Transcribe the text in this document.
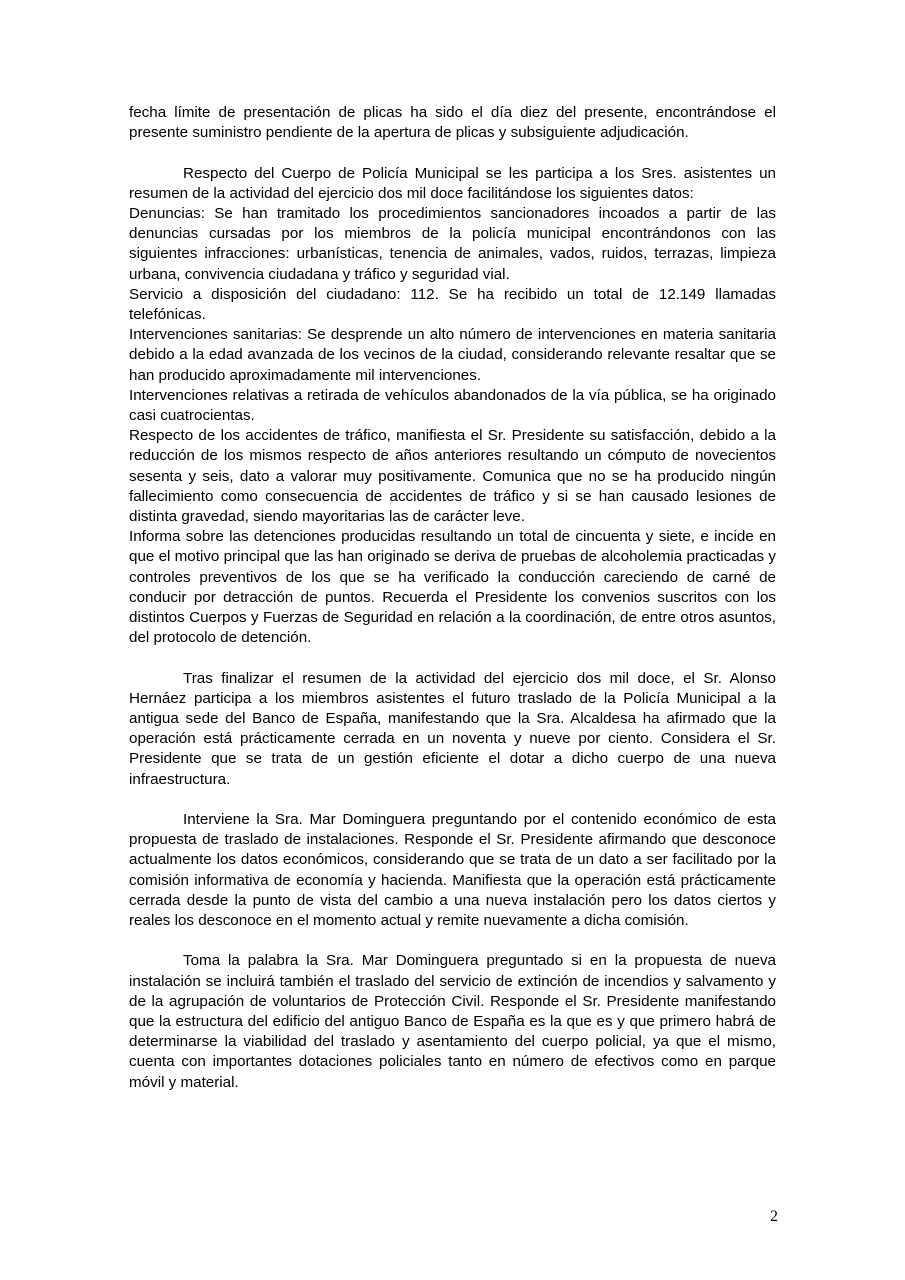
fecha límite de presentación de plicas ha sido el día diez del presente, encontrándose el presente suministro pendiente de la apertura de plicas y subsiguiente adjudicación.

Respecto del Cuerpo de Policía Municipal se les participa a los Sres. asistentes un resumen de la actividad del ejercicio dos mil doce facilitándose los siguientes datos:

Denuncias: Se han tramitado los procedimientos sancionadores incoados a partir de las denuncias cursadas por los miembros de la policía municipal encontrándonos con las siguientes infracciones: urbanísticas, tenencia de animales, vados, ruidos, terrazas, limpieza urbana, convivencia ciudadana y tráfico y seguridad vial.

Servicio a disposición del ciudadano: 112. Se ha recibido un total de 12.149 llamadas telefónicas.

Intervenciones sanitarias: Se desprende un alto número de intervenciones en materia sanitaria debido a la edad avanzada de los vecinos de la ciudad, considerando relevante resaltar que se han producido aproximadamente mil intervenciones.

Intervenciones relativas a retirada de vehículos abandonados de la vía pública, se ha originado casi cuatrocientas.

Respecto de los accidentes de tráfico, manifiesta el Sr. Presidente su satisfacción, debido a la reducción de los mismos respecto de años anteriores resultando un cómputo de novecientos sesenta y seis, dato a valorar muy positivamente. Comunica que no se ha producido ningún fallecimiento como consecuencia de accidentes de tráfico y si se han causado lesiones de distinta gravedad, siendo mayoritarias las de carácter leve.

Informa sobre las detenciones producidas resultando un total de cincuenta y siete, e incide en que el motivo principal que las han originado se deriva de pruebas de alcoholemia practicadas y controles preventivos de los que se ha verificado la conducción careciendo de carné de conducir por detracción de puntos. Recuerda el Presidente los convenios suscritos con los distintos Cuerpos y Fuerzas de Seguridad en relación a la coordinación, de entre otros asuntos, del protocolo de detención.

Tras finalizar el resumen de la actividad del ejercicio dos mil doce, el Sr. Alonso Hernáez participa a los miembros asistentes el futuro traslado de la Policía Municipal a la antigua sede del Banco de España, manifestando que la Sra. Alcaldesa ha afirmado que la operación está prácticamente cerrada en un noventa y nueve por ciento. Considera el Sr. Presidente que se trata de un gestión eficiente el dotar a dicho cuerpo de una nueva infraestructura.

Interviene la Sra. Mar Dominguera preguntando por el contenido económico de esta propuesta de traslado de instalaciones. Responde el Sr. Presidente afirmando que desconoce actualmente los datos económicos, considerando que se trata de un dato a ser facilitado por la comisión informativa de economía y hacienda. Manifiesta que la operación está prácticamente cerrada desde la punto de vista del cambio a una nueva instalación pero los datos ciertos y reales los desconoce en el momento actual y remite nuevamente a dicha comisión.

Toma la palabra la Sra. Mar Dominguera preguntado si en la propuesta de nueva instalación se incluirá también el traslado del servicio de extinción de incendios y salvamento y de la agrupación de voluntarios de Protección Civil. Responde el Sr. Presidente manifestando que la estructura del edificio del antiguo Banco de España es la que es y que primero habrá de determinarse la viabilidad del traslado y asentamiento del cuerpo policial, ya que el mismo, cuenta con importantes dotaciones policiales tanto en número de efectivos como en parque móvil y material.

2
